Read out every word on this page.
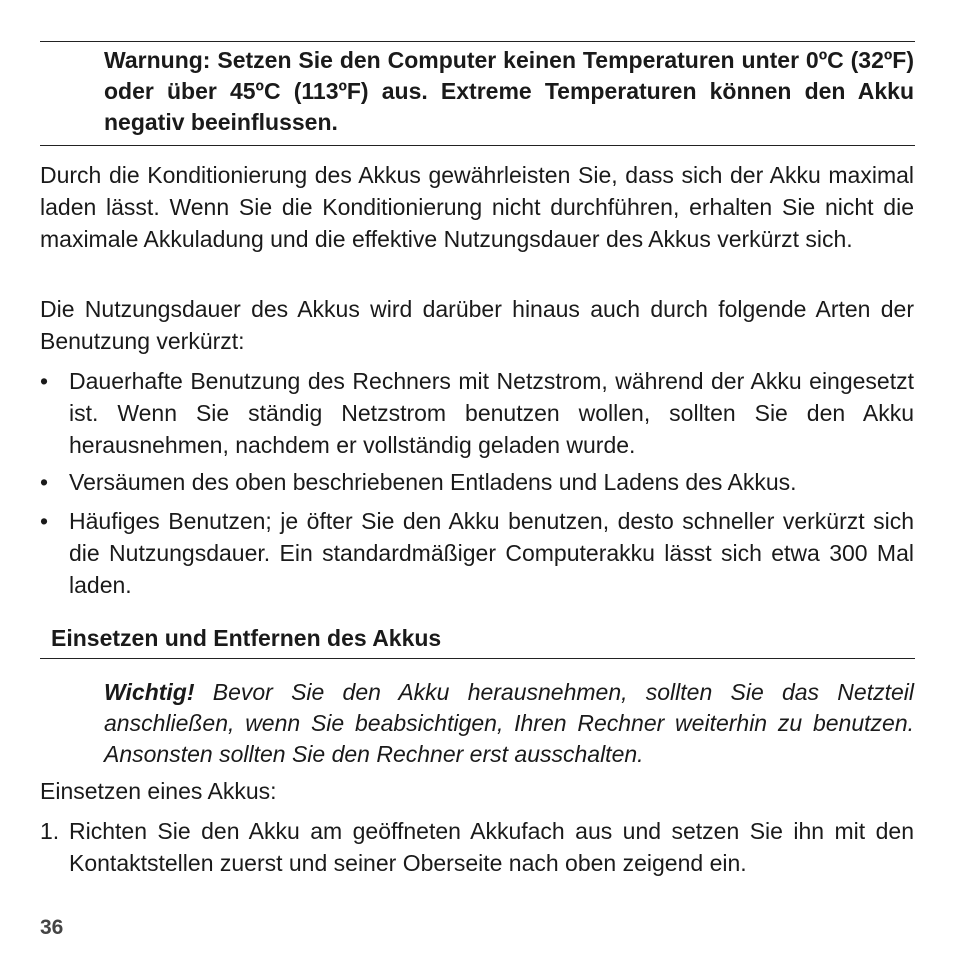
Warnung: Setzen Sie den Computer keinen Temperaturen unter 0ºC (32ºF) oder über 45ºC (113ºF) aus. Extreme Temperaturen können den Akku negativ beeinflussen.
Durch die Konditionierung des Akkus gewährleisten Sie, dass sich der Akku maximal laden lässt. Wenn Sie die Konditionierung nicht durchführen, erhalten Sie nicht die maximale Akkuladung und die effektive Nutzungsdauer des Akkus verkürzt sich.
Die Nutzungsdauer des Akkus wird darüber hinaus auch durch folgende Arten der Benutzung verkürzt:
• Dauerhafte Benutzung des Rechners mit Netzstrom, während der Akku eingesetzt ist. Wenn Sie ständig Netzstrom benutzen wollen, sollten Sie den Akku herausnehmen, nachdem er vollständig geladen wurde.
• Versäumen des oben beschriebenen Entladens und Ladens des Akkus.
• Häufiges Benutzen; je öfter Sie den Akku benutzen, desto schneller verkürzt sich die Nutzungsdauer. Ein standardmäßiger Computerakku lässt sich etwa 300 Mal laden.
Einsetzen und Entfernen des Akkus
Wichtig! Bevor Sie den Akku herausnehmen, sollten Sie das Netzteil anschließen, wenn Sie beabsichtigen, Ihren Rechner weiterhin zu benutzen. Ansonsten sollten Sie den Rechner erst ausschalten.
Einsetzen eines Akkus:
1. Richten Sie den Akku am geöffneten Akkufach aus und setzen Sie ihn mit den Kontaktstellen zuerst und seiner Oberseite nach oben zeigend ein.
36
